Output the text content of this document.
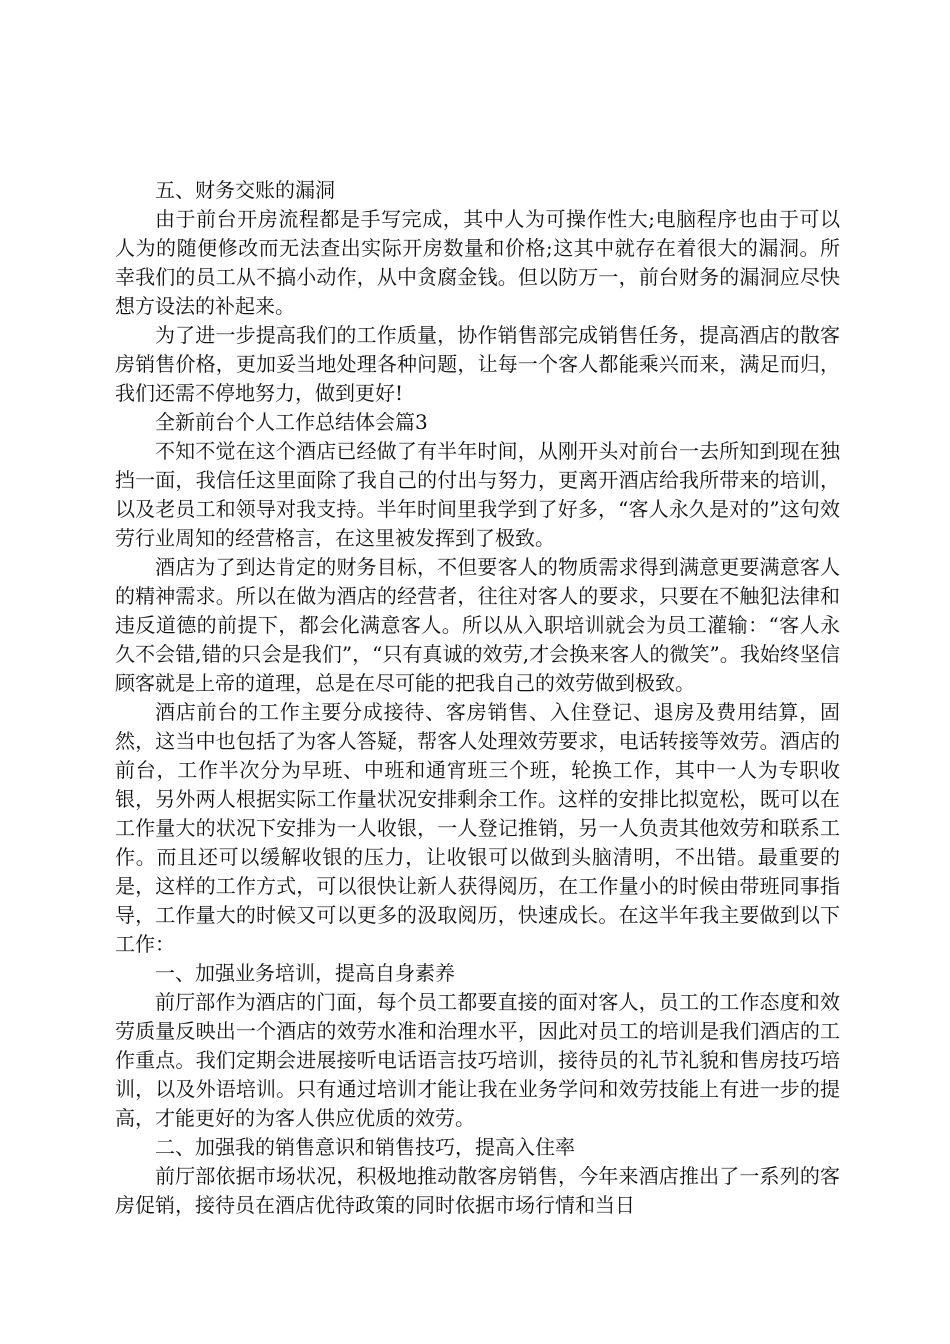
五、财务交账的漏洞

由于前台开房流程都是手写完成，其中人为可操作性大;电脑程序也由于可以人为的随便修改而无法查出实际开房数量和价格;这其中就存在着很大的漏洞。所幸我们的员工从不搞小动作，从中贪腐金钱。但以防万一，前台财务的漏洞应尽快想方设法的补起来。

为了进一步提高我们的工作质量，协作销售部完成销售任务，提高酒店的散客房销售价格，更加妥当地处理各种问题，让每一个客人都能乘兴而来，满足而归，我们还需不停地努力，做到更好!

全新前台个人工作总结体会篇3

不知不觉在这个酒店已经做了有半年时间，从刚开头对前台一去所知到现在独挡一面，我信任这里面除了我自己的付出与努力，更离开酒店给我所带来的培训，以及老员工和领导对我支持。半年时间里我学到了好多，“客人永久是对的”这句效劳行业周知的经营格言，在这里被发挥到了极致。

酒店为了到达肯定的财务目标，不但要客人的物质需求得到满意更要满意客人的精神需求。所以在做为酒店的经营者，往往对客人的要求，只要在不触犯法律和违反道德的前提下，都会化满意客人。所以从入职培训就会为员工灌输：“客人永久不会错,错的只会是我们”，“只有真诚的效劳,才会换来客人的微笑”。我始终坚信顾客就是上帝的道理，总是在尽可能的把我自己的效劳做到极致。

酒店前台的工作主要分成接待、客房销售、入住登记、退房及费用结算，固然，这当中也包括了为客人答疑，帮客人处理效劳要求，电话转接等效劳。酒店的前台，工作半次分为早班、中班和通宵班三个班，轮换工作，其中一人为专职收银，另外两人根据实际工作量状况安排剩余工作。这样的安排比拟宽松，既可以在工作量大的状况下安排为一人收银，一人登记推销，另一人负责其他效劳和联系工作。而且还可以缓解收银的压力，让收银可以做到头脑清明，不出错。最重要的是，这样的工作方式，可以很快让新人获得阅历，在工作量小的时候由带班同事指导，工作量大的时候又可以更多的汲取阅历，快速成长。在这半年我主要做到以下工作：

一、加强业务培训，提高自身素养

前厅部作为酒店的门面，每个员工都要直接的面对客人，员工的工作态度和效劳质量反映出一个酒店的效劳水准和治理水平，因此对员工的培训是我们酒店的工作重点。我们定期会进展接听电话语言技巧培训，接待员的礼节礼貌和售房技巧培训，以及外语培训。只有通过培训才能让我在业务学问和效劳技能上有进一步的提高，才能更好的为客人供应优质的效劳。

二、加强我的销售意识和销售技巧，提高入住率

前厅部依据市场状况，积极地推动散客房销售，今年来酒店推出了一系列的客房促销，接待员在酒店优待政策的同时依据市场行情和当日
